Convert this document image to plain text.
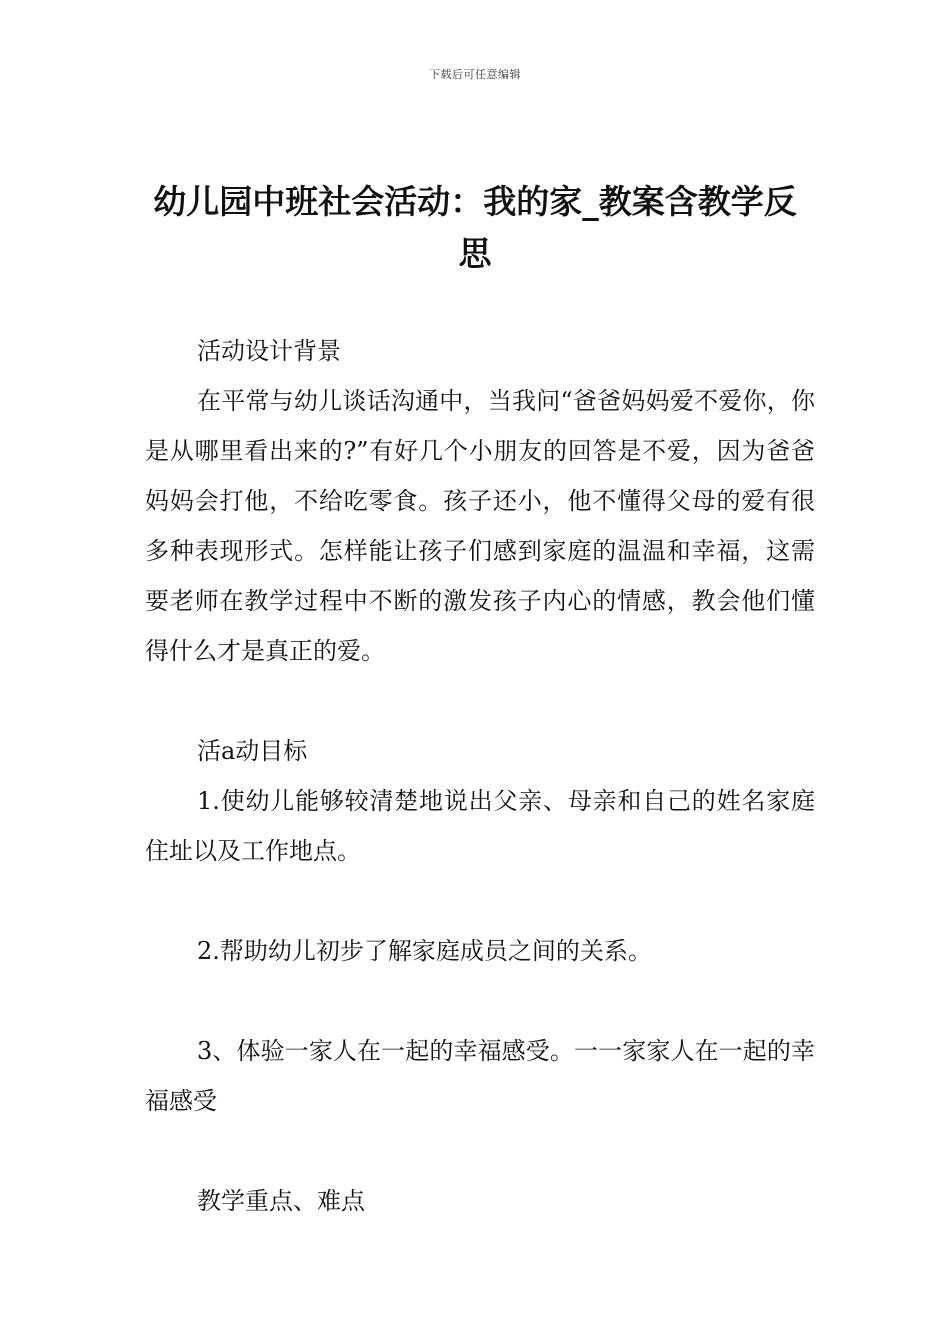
下载后可任意编辑
幼儿园中班社会活动：我的家_教案含教学反思

活动设计背景

在平常与幼儿谈话沟通中，当我问“爸爸妈妈爱不爱你，你是从哪里看出来的?”有好几个小朋友的回答是不爱，因为爸爸妈妈会打他，不给吃零食。孩子还小，他不懂得父母的爱有很多种表现形式。怎样能让孩子们感到家庭的温温和幸福，这需要老师在教学过程中不断的激发孩子内心的情感，教会他们懂得什么才是真正的爱。

活a动目标

1.使幼儿能够较清楚地说出父亲、母亲和自己的姓名家庭住址以及工作地点。

2.帮助幼儿初步了解家庭成员之间的关系。

3、体验一家人在一起的幸福感受。一一家家人在一起的幸福感受

教学重点、难点
